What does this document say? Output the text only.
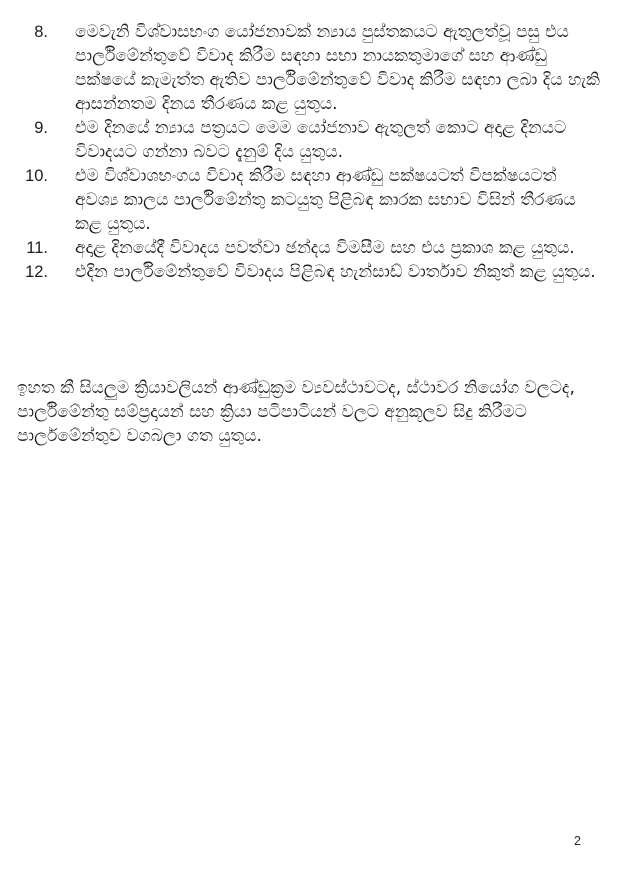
8. මෙවැනි විශ්වාසභංග යෝජනාවක් න්‍යාය පුස්තකයට ඇතුලත්වූ පසු එය පාර්ලිමේන්තුවේ විවාද කිරීම සඳහා සභා නායකතුමාගේ සහ ආණ්ඩු පක්ෂයේ කැමැත්ත ඇතිව පාර්ලිමේන්තුවේ විවාද කිරීම සඳහා ලබා දිය හැකි ආසන්නතම දිනය තීරණය කළ යුතුය.
9. එම දිනයේ න්‍යාය පත්‍රයට මෙම යෝජනාව ඇතුලත් කොට අදාළ දිනයට විවාදයට ගන්නා බවට දැනුම් දිය යුතුය.
10. එම විශ්වාශභංගය විවාද කිරීම සඳහා ආණ්ඩු පක්ෂයටත් විපක්ෂයටත් අවශ්‍ය කාලය පාර්ලිමේන්තු කටයුතු පිළිබඳ කාරක සභාව විසින් තීරණය කළ යුතුය.
11. අදාළ දිනයේදී විවාදය පවත්වා ඡන්දය විමසීම සහ එය ප්‍රකාශ කළ යුතුය.
12. එදින පාර්ලිමේන්තුවේ විවාදය පිළිබඳ හැන්සාඩ් වාර්තාව නිකුත් කළ යුතුය.

ඉහත කී සියලුම ක්‍රියාවලියන් ආණ්ඩුක්‍රම ව්‍යවස්ථාවටද, ස්ථාවර නියෝග වලටද, පාර්ලිමේන්තු සම්ප්‍රදායන් සහ ක්‍රියා පටිපාටියන් වලට අනුකූලව සිදු කිරීමට පාර්ලමේන්තුව වගබලා ගත යුතුය.

2
